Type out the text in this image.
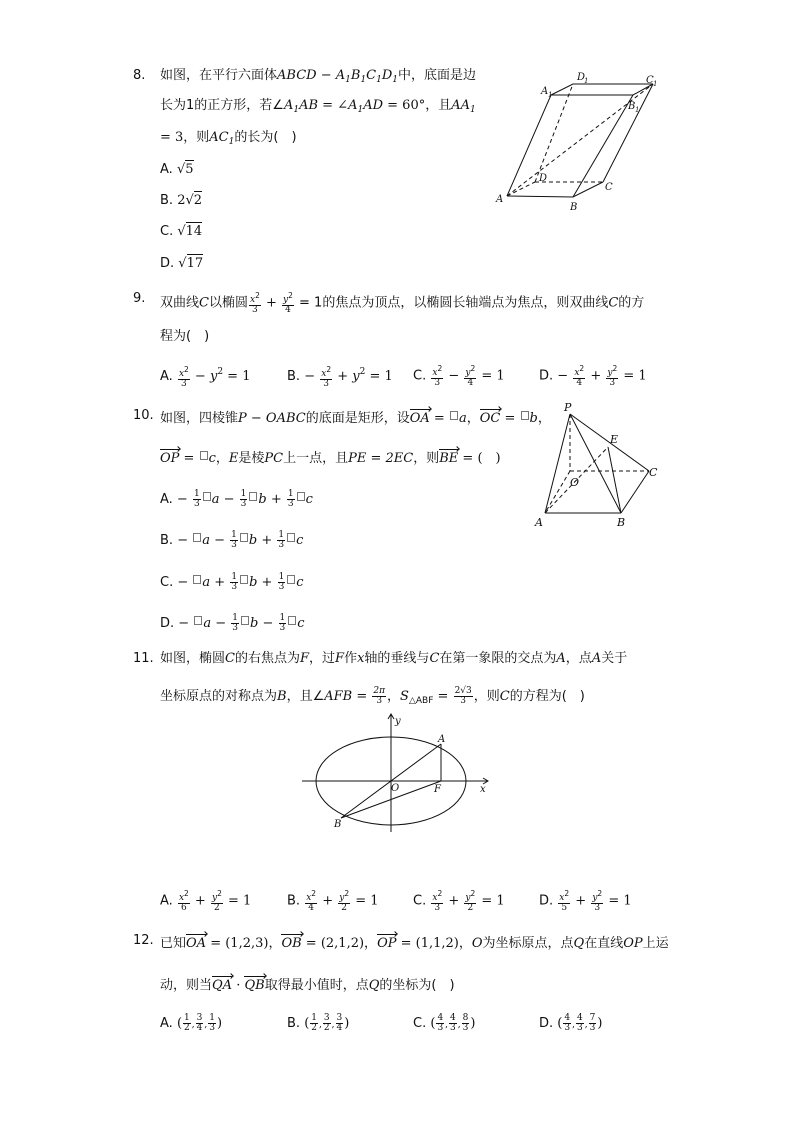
8. 如图，在平行六面体ABCD − $A_1B_1C_1D_1$中，底面是边
长为1的正方形，若$\angle A_1AB$ = $\angle A_1AD = 60^\circ$，且$AA_1$
= 3，则$AC_1$的长为(　)
A. √5
B. 2√2
C. √14
D. √17
A
B
C
D
A 1
B 1
C 1
D
1
9. 双曲线C以椭圆 $\frac{x^2}{3} + \frac{y^2}{4} = 1$的焦点为顶点，以椭圆长轴端点为焦点，则双曲线C的方
程为(　)
A. $\frac{x^2}{3} - y^2 = 1$	B. − $\frac{x^2}{3} + y^2 = 1$ C. $\frac{x^2}{3} - \frac{y^2}{4} = 1$	D. − $\frac{x^2}{4} + \frac{y^2}{3} = 1$
10. 如图，四棱锥P − OABC的底面是矩形，设OA = a，OC = b，
OP = c，E是棱PC上一点，且PE = 2EC，则BE = (　)
A. − $\frac{1}{3}$ $a - \frac{1}{3}$ $b + \frac{1}{3}$ c
B. − $a - \frac{1}{3}$ $b + \frac{1}{3}$ c
C. − $a + \frac{1}{3}$ $b + \frac{1}{3}$ c
D. − $a - \frac{1}{3}$ $b - \frac{1}{3}$ c
P
E
O
C
A	B
11. 如图，椭圆C的右焦点为F，过F作x轴的垂线与C在第一象限的交点为A，点A关于
坐标原点的对称点为B，且∠AFB = $\frac{2\pi}{3}$ ，$S_{\triangle ABF} = \frac{2√3}{3}$ ，则C的方程为(　)
y
x
A
O	F
B
A. $\frac{x^2}{6} + \frac{y^2}{2} = 1$	B. $\frac{x^2}{4} + \frac{y^2}{2} = 1$	C. $\frac{x^2}{3} + \frac{y^2}{2} = 1$	D. $\frac{x^2}{5} + \frac{y^2}{3} = 1$
12. 已知OA = (1,2,3)，OB = (2,1,2)，OP = (1,1,2)，O为坐标原点，点Q在直线OP上运
动，则当QA · QB取得最小值时，点Q的坐标为(　)
A. ( $\frac{1}{2}$ , $\frac{3}{4}$ , $\frac{1}{3}$ )	B. ( $\frac{1}{2}$ , $\frac{3}{2}$ , $\frac{3}{4}$ )	C. ( $\frac{4}{3}$ , $\frac{4}{3}$ , $\frac{8}{3}$ )	D. ( $\frac{4}{3}$ , $\frac{4}{3}$ , $\frac{7}{3}$ )
